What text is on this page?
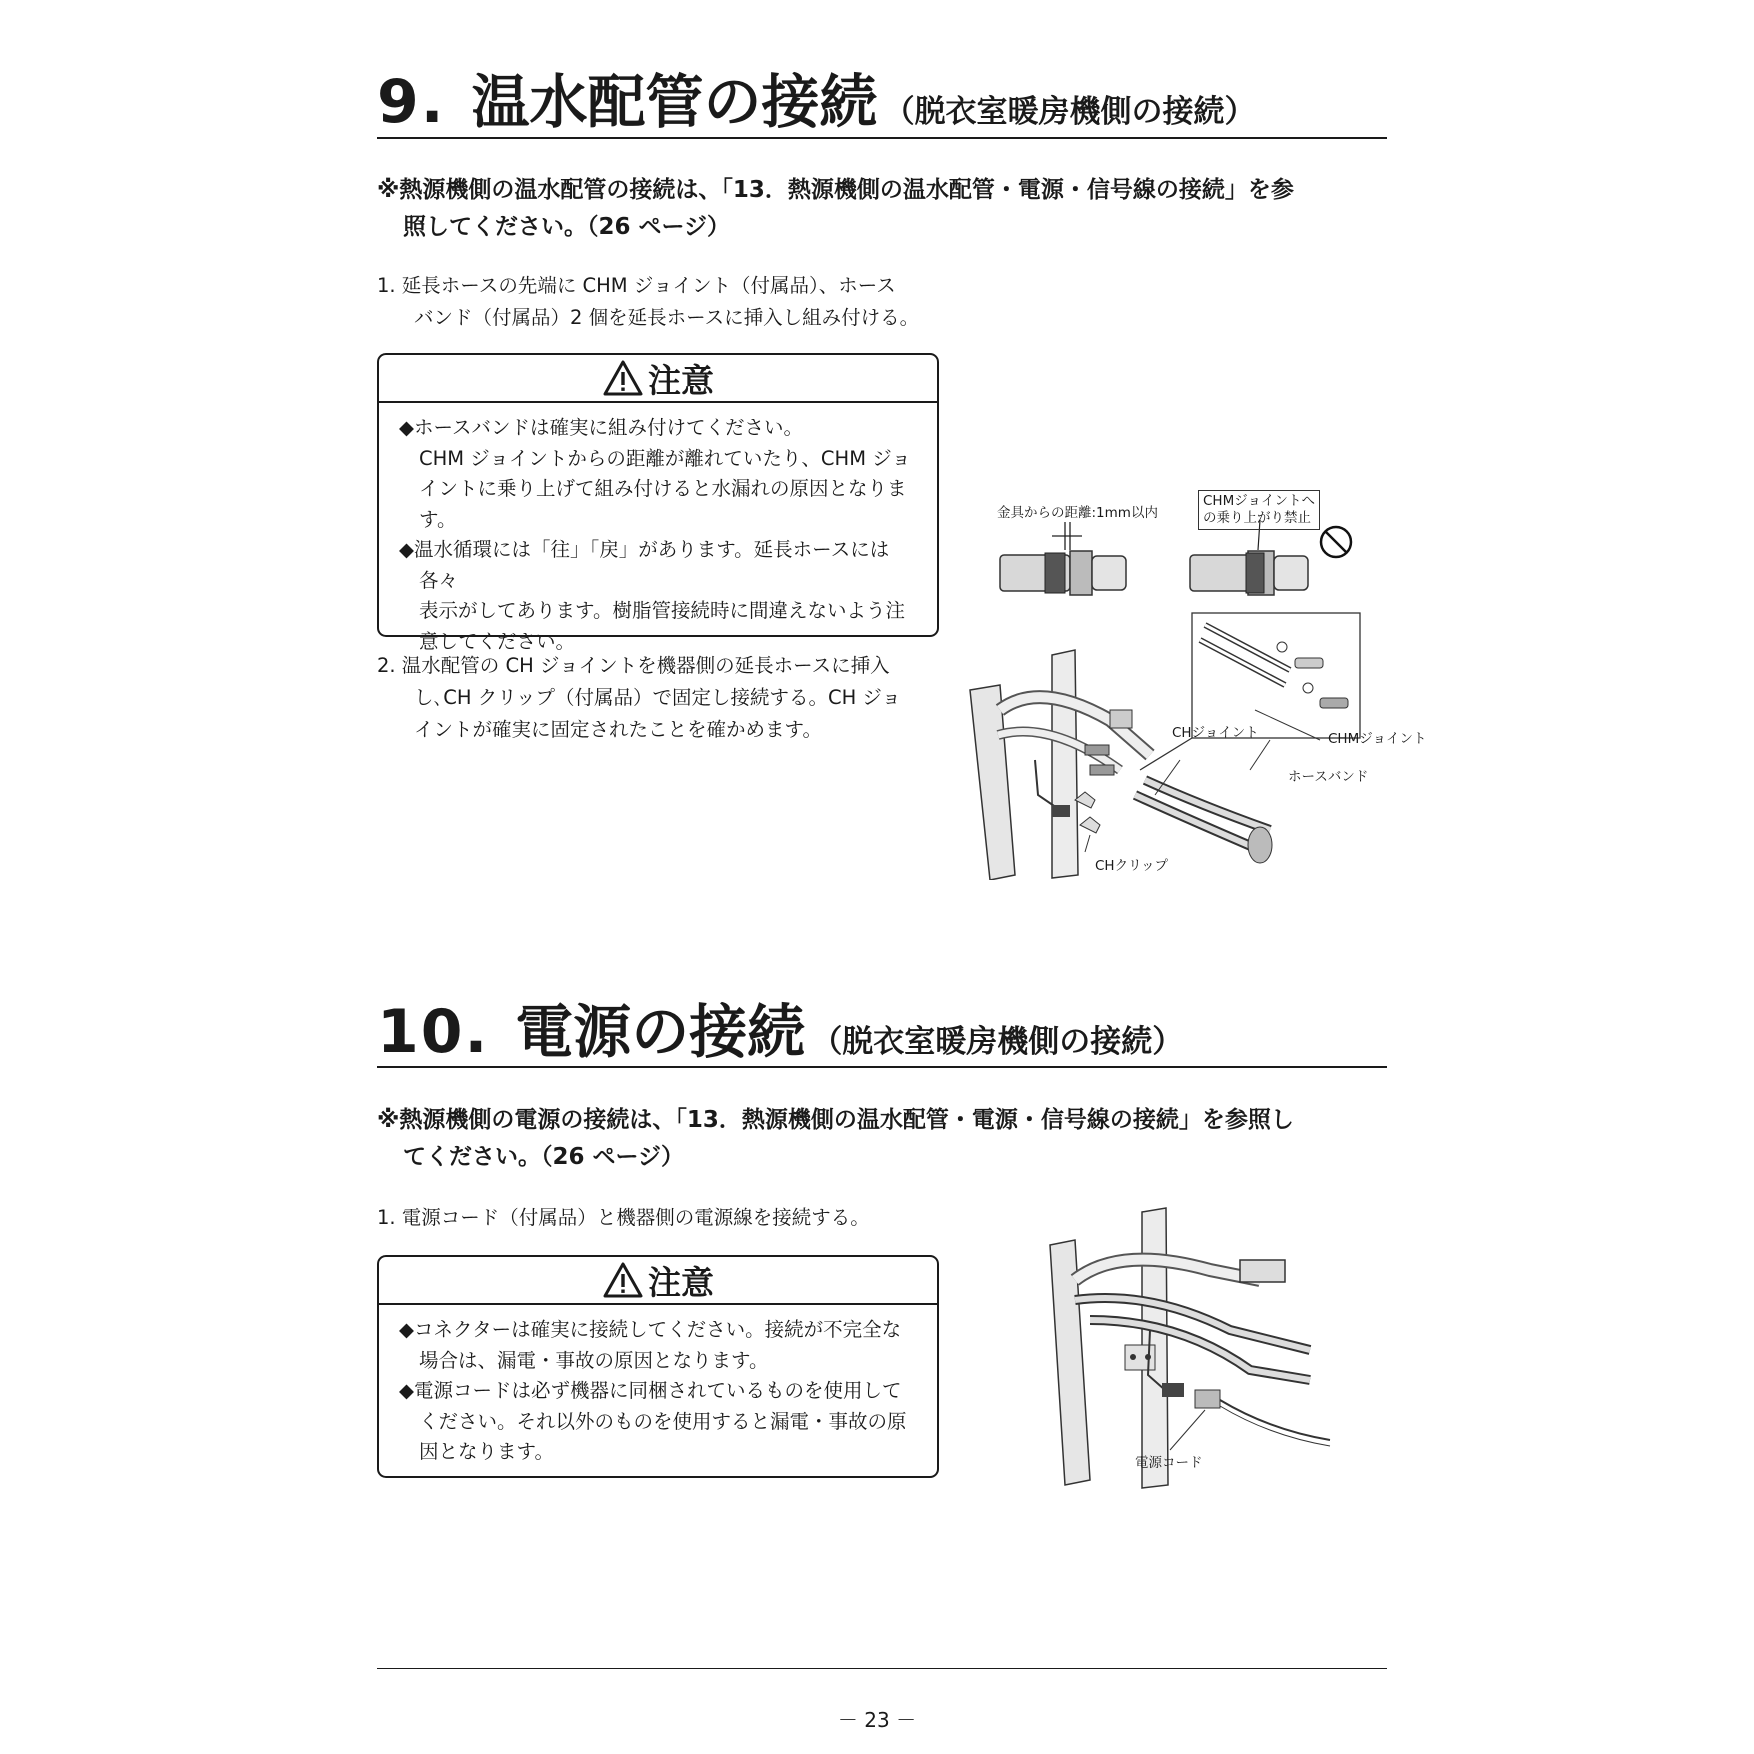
9. 温水配管の接続 （脱衣室暖房機側の接続）
※熱源機側の温水配管の接続は、「13．熱源機側の温水配管・電源・信号線の接続」を参
照してください。（26 ページ）
1. 延長ホースの先端に CHM ジョイント（付属品）、ホース
バンド（付属品）2 個を延長ホースに挿入し組み付ける。
注意
◆ホースバンドは確実に組み付けてください。
CHM ジョイントからの距離が離れていたり、CHM ジョ
イントに乗り上げて組み付けると水漏れの原因となりま
す。
◆温水循環には「往」「戻」があります。延長ホースには各々
表示がしてあります。樹脂管接続時に間違えないよう注
意してください。
2. 温水配管の CH ジョイントを機器側の延長ホースに挿入
し､CH クリップ（付属品）で固定し接続する。CH ジョ
イントが確実に固定されたことを確かめます。
金具からの距離:1mm以内
CHMジョイントへ
の乗り上がり禁止
CHジョイント	CHMジョイント
ホースバンド
CHクリップ
10. 電源の接続 （脱衣室暖房機側の接続）
※熱源機側の電源の接続は、「13．熱源機側の温水配管・電源・信号線の接続」を参照し
てください。（26 ページ）
1. 電源コード（付属品）と機器側の電源線を接続する。
注意
◆コネクターは確実に接続してください。接続が不完全な
場合は、漏電・事故の原因となります。
◆電源コードは必ず機器に同梱されているものを使用して
ください。それ以外のものを使用すると漏電・事故の原
因となります。	電源コード
－ 23 －
